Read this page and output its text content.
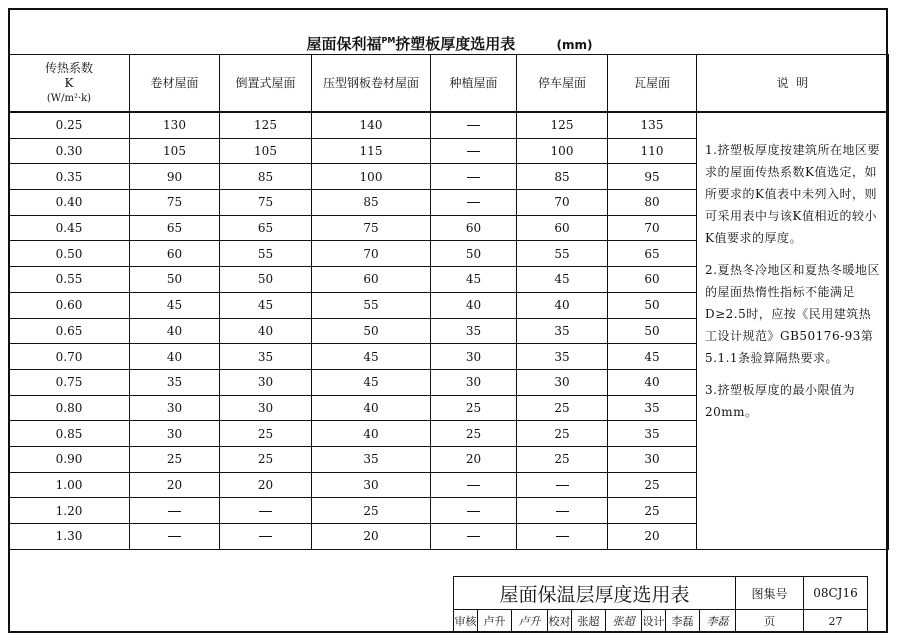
屋面保利福$^{PM}$挤塑板厚度选用表	(mm)
传热系数
K
(W/m²·k)	卷材屋面	倒置式屋面	压型钢板卷材屋面	种植屋面	停车屋面	瓦屋面	说  明
0.25	130	125	140		125	135	1.挤塑板厚度按建筑所在地区要求的屋面传热系数K值选定，如所要求的K值表中未列入时，则可采用表中与该K值相近的较小K值要求的厚度。

2.夏热冬冷地区和夏热冬暖地区的屋面热惰性指标不能满足D≥2.5时，应按《民用建筑热工设计规范》GB50176-93第5.1.1条验算隔热要求。

3.挤塑板厚度的最小限值为20mm。

0.30	105	105	115		100	110	
0.35	90	85	100		85	95	
0.40	75	75	85		70	80	
0.45	65	65	75	60	60	70	
0.50	60	55	70	50	55	65	
0.55	50	50	60	45	45	60	
0.60	45	45	55	40	40	50	
0.65	40	40	50	35	35	50	
0.70	40	35	45	30	35	45	
0.75	35	30	45	30	30	40	
0.80	30	30	40	25	25	35	
0.85	30	25	40	25	25	35	
0.90	25	25	35	20	25	30	
1.00	20	20	30			25	
1.20			25			25	
1.30			20			20	
屋面保温层厚度选用表									图集号	08CJ16
审核	卢升	卢升	校对	张超	张超	设计	李磊	李磊	页	27
